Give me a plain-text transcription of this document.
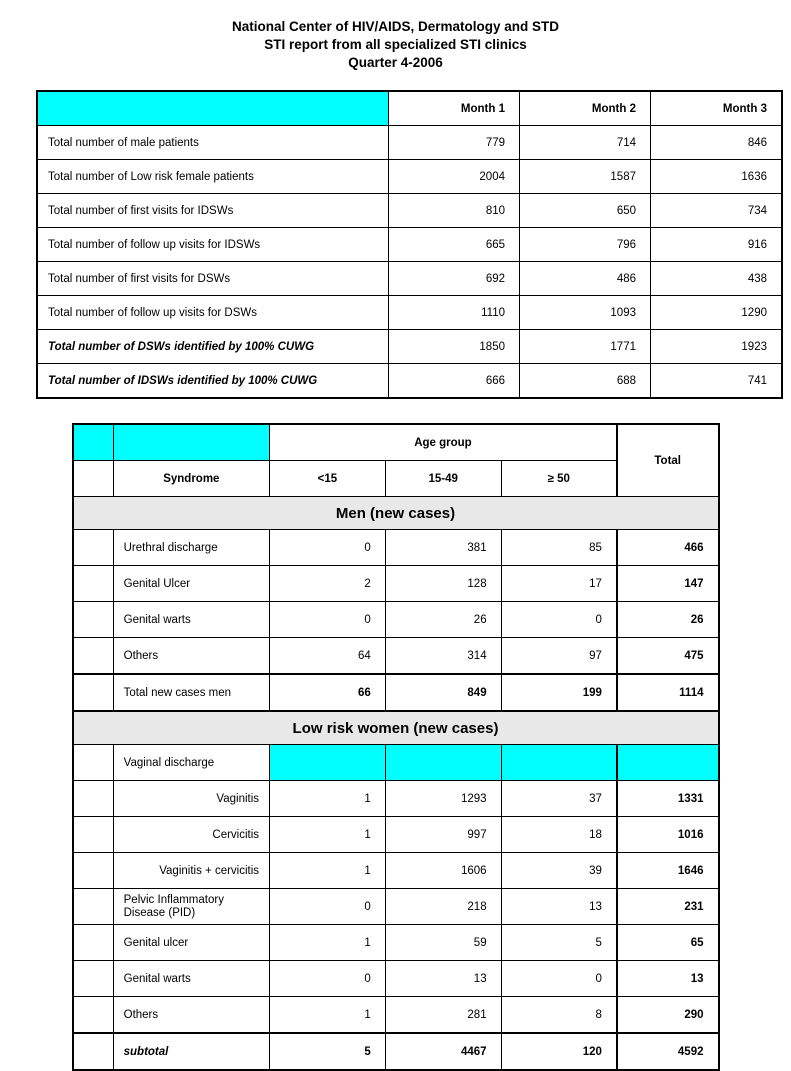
National Center of HIV/AIDS, Dermatology and STD
STI report from all specialized STI clinics
Quarter 4-2006
	Month 1	Month 2	Month 3
Total number of male patients	779	714	846
Total number of Low risk female patients	2004	1587	1636
Total number of first visits for IDSWs	810	650	734
Total number of follow up visits for IDSWs	665	796	916
Total number of first visits for DSWs	692	486	438
Total number of follow up visits for DSWs	1110	1093	1290
Total number of DSWs identified by 100% CUWG	1850	1771	1923
Total number of IDSWs identified by 100% CUWG	666	688	741
		Age group			Total
	Syndrome	<15	15-49	≥ 50	
Men (new cases)					
	Urethral discharge	0	381	85	466
	Genital Ulcer	2	128	17	147
	Genital warts	0	26	0	26
	Others	64	314	97	475
	Total new cases men	66	849	199	1114
Low risk women (new cases)					
	Vaginal discharge				
	Vaginitis	1	1293	37	1331
	Cervicitis	1	997	18	1016
	Vaginitis + cervicitis	1	1606	39	1646
	Pelvic Inflammatory Disease (PID)	0	218	13	231
	Genital ulcer	1	59	5	65
	Genital warts	0	13	0	13
	Others	1	281	8	290
	subtotal	5	4467	120	4592
